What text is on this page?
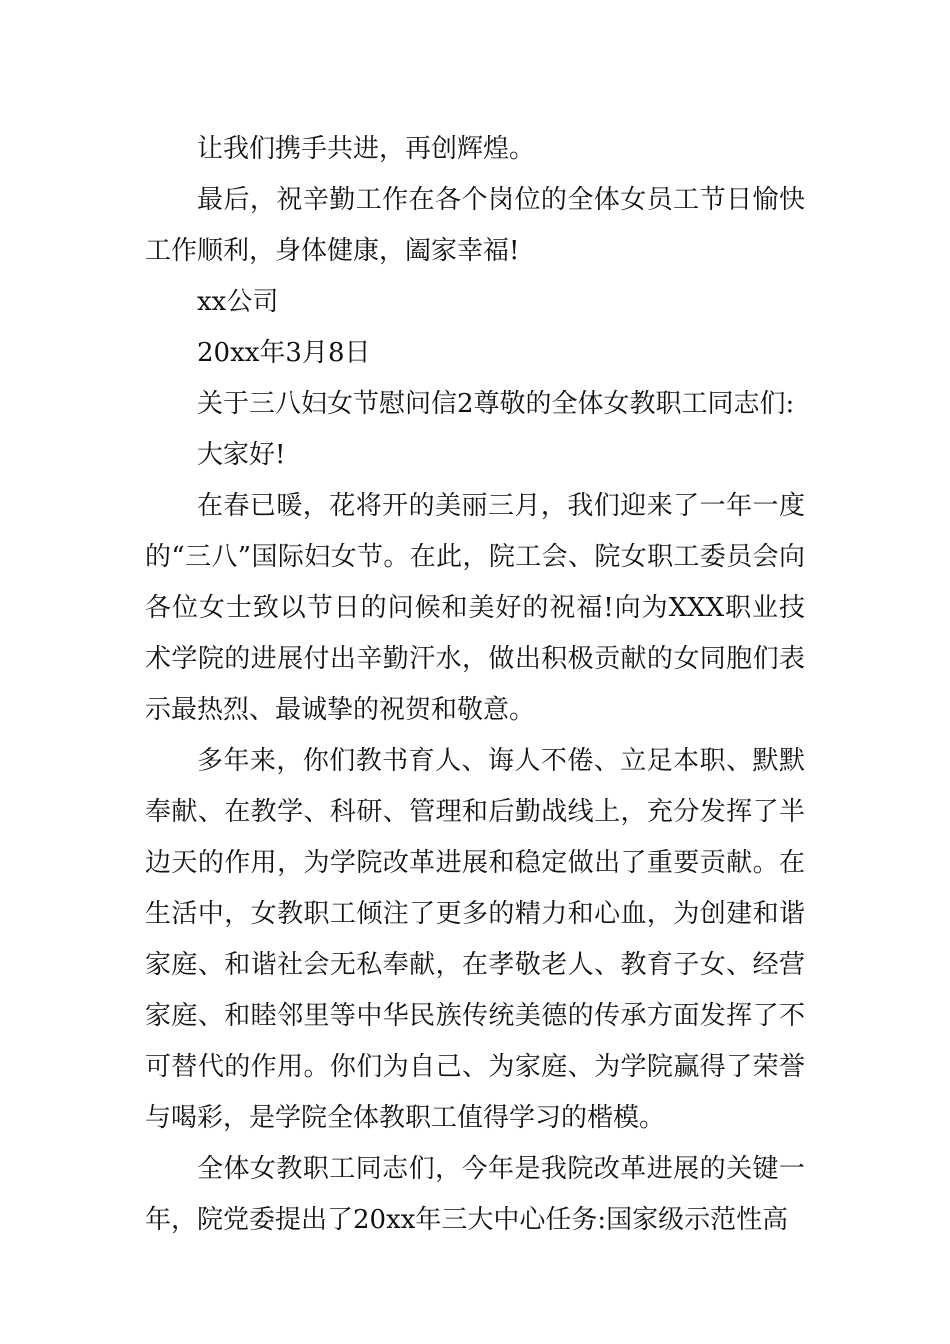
让我们携手共进，再创辉煌。

最后，祝辛勤工作在各个岗位的全体女员工节日愉快工作顺利，身体健康，阖家幸福!

xx公司

20xx年3月8日

关于三八妇女节慰问信2尊敬的全体女教职工同志们:

大家好!

在春已暖，花将开的美丽三月，我们迎来了一年一度的“三八”国际妇女节。在此，院工会、院女职工委员会向各位女士致以节日的问候和美好的祝福!向为XXX职业技术学院的进展付出辛勤汗水，做出积极贡献的女同胞们表示最热烈、最诚挚的祝贺和敬意。

多年来，你们教书育人、诲人不倦、立足本职、默默奉献、在教学、科研、管理和后勤战线上，充分发挥了半边天的作用，为学院改革进展和稳定做出了重要贡献。在生活中，女教职工倾注了更多的精力和心血，为创建和谐家庭、和谐社会无私奉献，在孝敬老人、教育子女、经营家庭、和睦邻里等中华民族传统美德的传承方面发挥了不可替代的作用。你们为自己、为家庭、为学院赢得了荣誉与喝彩，是学院全体教职工值得学习的楷模。

全体女教职工同志们，今年是我院改革进展的关键一年，院党委提出了20xx年三大中心任务:国家级示范性高
